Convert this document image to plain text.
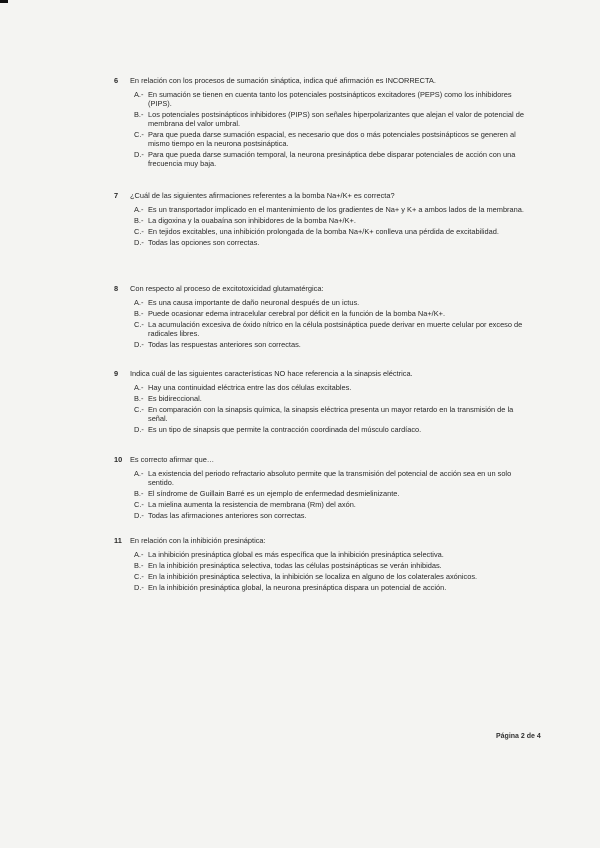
6	En relación con los procesos de sumación sináptica, indica qué afirmación es INCORRECTA.
A.- En sumación se tienen en cuenta tanto los potenciales postsinápticos excitadores (PEPS) como los inhibidores (PIPS).
B.- Los potenciales postsinápticos inhibidores (PIPS) son señales hiperpolarizantes que alejan el valor de potencial de membrana del valor umbral.
C.- Para que pueda darse sumación espacial, es necesario que dos o más potenciales postsinápticos se generen al mismo tiempo en la neurona postsináptica.
D.- Para que pueda darse sumación temporal, la neurona presináptica debe disparar potenciales de acción con una frecuencia muy baja.
7	¿Cuál de las siguientes afirmaciones referentes a la bomba Na+/K+ es correcta?
A.- Es un transportador implicado en el mantenimiento de los gradientes de Na+ y K+ a ambos lados de la membrana.
B.- La digoxina y la ouabaína son inhibidores de la bomba Na+/K+.
C.- En tejidos excitables, una inhibición prolongada de la bomba Na+/K+ conlleva una pérdida de excitabilidad.
D.- Todas las opciones son correctas.
8	Con respecto al proceso de excitotoxicidad glutamatérgica:
A.- Es una causa importante de daño neuronal después de un ictus.
B.- Puede ocasionar edema intracelular cerebral por déficit en la función de la bomba Na+/K+.
C.- La acumulación excesiva de óxido nítrico en la célula postsináptica puede derivar en muerte celular por exceso de radicales libres.
D.- Todas las respuestas anteriores son correctas.
9	Indica cuál de las siguientes características NO hace referencia a la sinapsis eléctrica.
A.- Hay una continuidad eléctrica entre las dos células excitables.
B.- Es bidireccional.
C.- En comparación con la sinapsis química, la sinapsis eléctrica presenta un mayor retardo en la transmisión de la señal.
D.- Es un tipo de sinapsis que permite la contracción coordinada del músculo cardíaco.
10	Es correcto afirmar que…
A.- La existencia del periodo refractario absoluto permite que la transmisión del potencial de acción sea en un solo sentido.
B.- El síndrome de Guillain Barré es un ejemplo de enfermedad desmielinizante.
C.- La mielina aumenta la resistencia de membrana (Rm) del axón.
D.- Todas las afirmaciones anteriores son correctas.
11	En relación con la inhibición presináptica:
A.- La inhibición presináptica global es más específica que la inhibición presináptica selectiva.
B.- En la inhibición presináptica selectiva, todas las células postsinápticas se verán inhibidas.
C.- En la inhibición presináptica selectiva, la inhibición se localiza en alguno de los colaterales axónicos.
D.- En la inhibición presináptica global, la neurona presináptica dispara un potencial de acción.
Página 2 de 4
